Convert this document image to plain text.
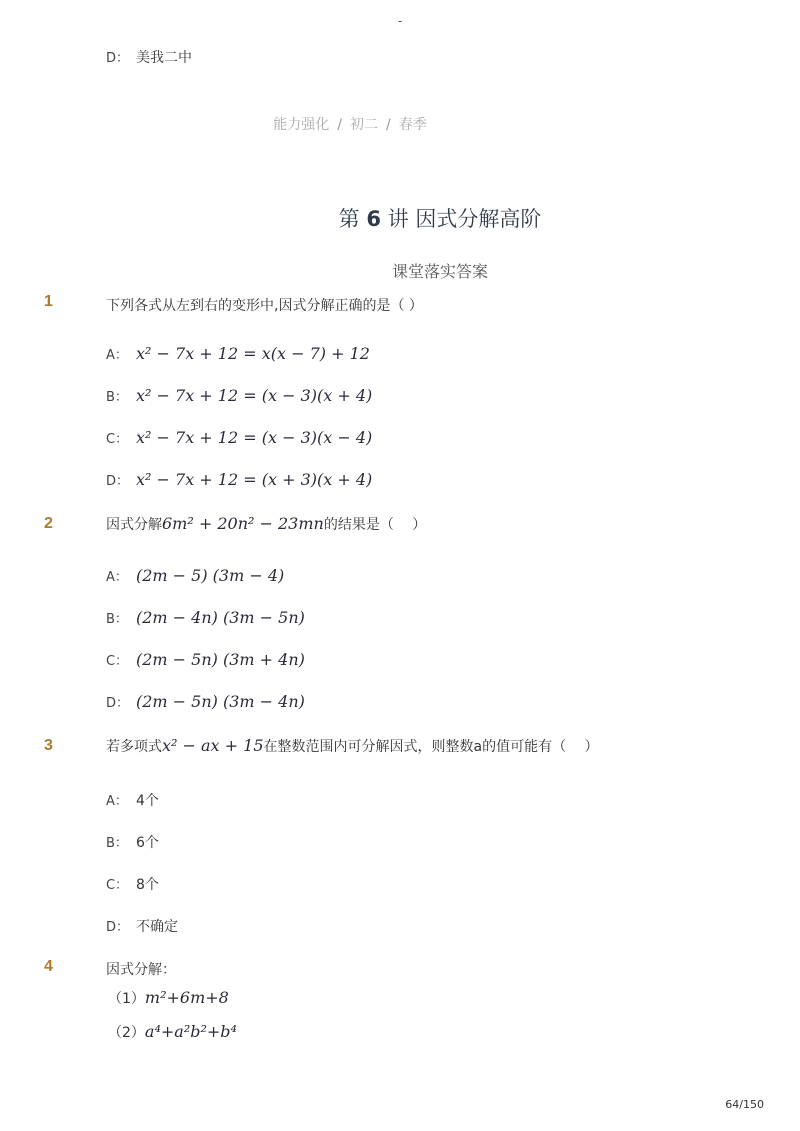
-
D： 美我二中
能力强化 / 初二 / 春季
第 6 讲 因式分解高阶
课堂落实答案
1	下列各式从左到右的变形中,因式分解正确的是（ ）
A： x² − 7x + 12 = x(x − 7) + 12
B： x² − 7x + 12 = (x − 3)(x + 4)
C： x² − 7x + 12 = (x − 3)(x − 4)
D： x² − 7x + 12 = (x + 3)(x + 4)
2	因式分解6m² + 20n² − 23mn的结果是（　 ）
A： (2m − 5) (3m − 4)
B： (2m − 4n) (3m − 5n)
C： (2m − 5n) (3m + 4n)
D： (2m − 5n) (3m − 4n)
3	若多项式x² − ax + 15在整数范围内可分解因式，则整数a的值可能有（　 ）
A： 4个
B： 6个
C： 8个
D： 不确定
4	因式分解：
（1）m²+6m+8
（2）a⁴+a²b²+b⁴
64/150
